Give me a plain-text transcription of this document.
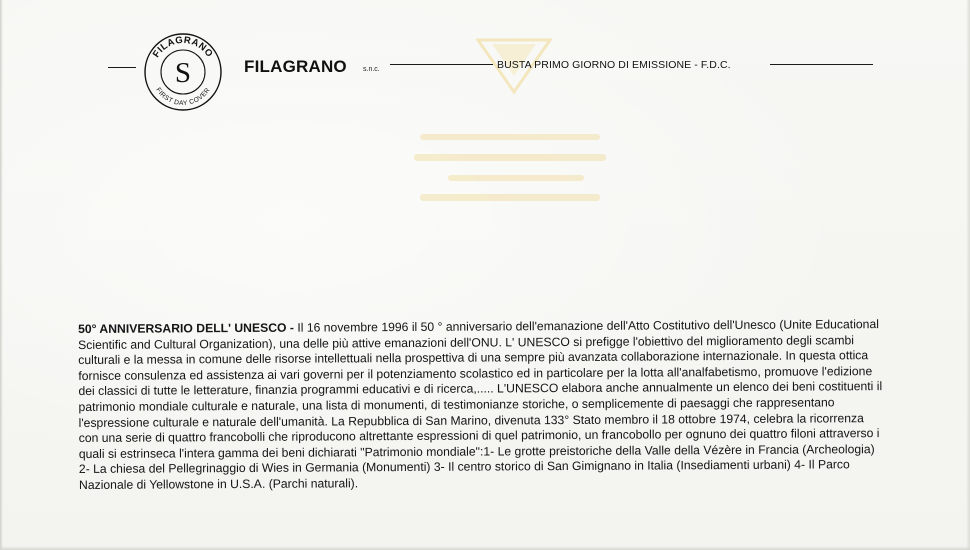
FILAGRANO
S
FIRST DAY COVER
FILAGRANO s.n.c.	BUSTA PRIMO GIORNO DI EMISSIONE - F.D.C.
50° ANNIVERSARIO DELL' UNESCO - Il 16 novembre 1996 il 50 ° anniversario dell'emanazione dell'Atto Costitutivo dell'Unesco (Unite Educational Scientific and Cultural Organization), una delle più attive emanazioni dell'ONU. L' UNESCO si prefigge l'obiettivo del miglioramento degli scambi culturali e la messa in comune delle risorse intellettuali nella prospettiva di una sempre più avanzata collaborazione internazionale. In questa ottica fornisce consulenza ed assistenza ai vari governi per il potenziamento scolastico ed in particolare per la lotta all'analfabetismo, promuove l'edizione dei classici di tutte le letterature, finanzia programmi educativi e di ricerca,..... L'UNESCO elabora anche annualmente un elenco dei beni costituenti il patrimonio mondiale culturale e naturale, una lista di monumenti, di testimonianze storiche, o semplicemente di paesaggi che rappresentano l'espressione culturale e naturale dell'umanità. La Repubblica di San Marino, divenuta 133° Stato membro il 18 ottobre 1974, celebra la ricorrenza con una serie di quattro francobolli che riproducono altrettante espressioni di quel patrimonio, un francobollo per ognuno dei quattro filoni attraverso i quali si estrinseca l'intera gamma dei beni dichiarati "Patrimonio mondiale":1- Le grotte preistoriche della Valle della Vézère in Francia (Archeologia) 2- La chiesa del Pellegrinaggio di Wies in Germania (Monumenti) 3- Il centro storico di San Gimignano in Italia (Insediamenti urbani) 4- Il Parco Nazionale di Yellowstone in U.S.A. (Parchi naturali).
